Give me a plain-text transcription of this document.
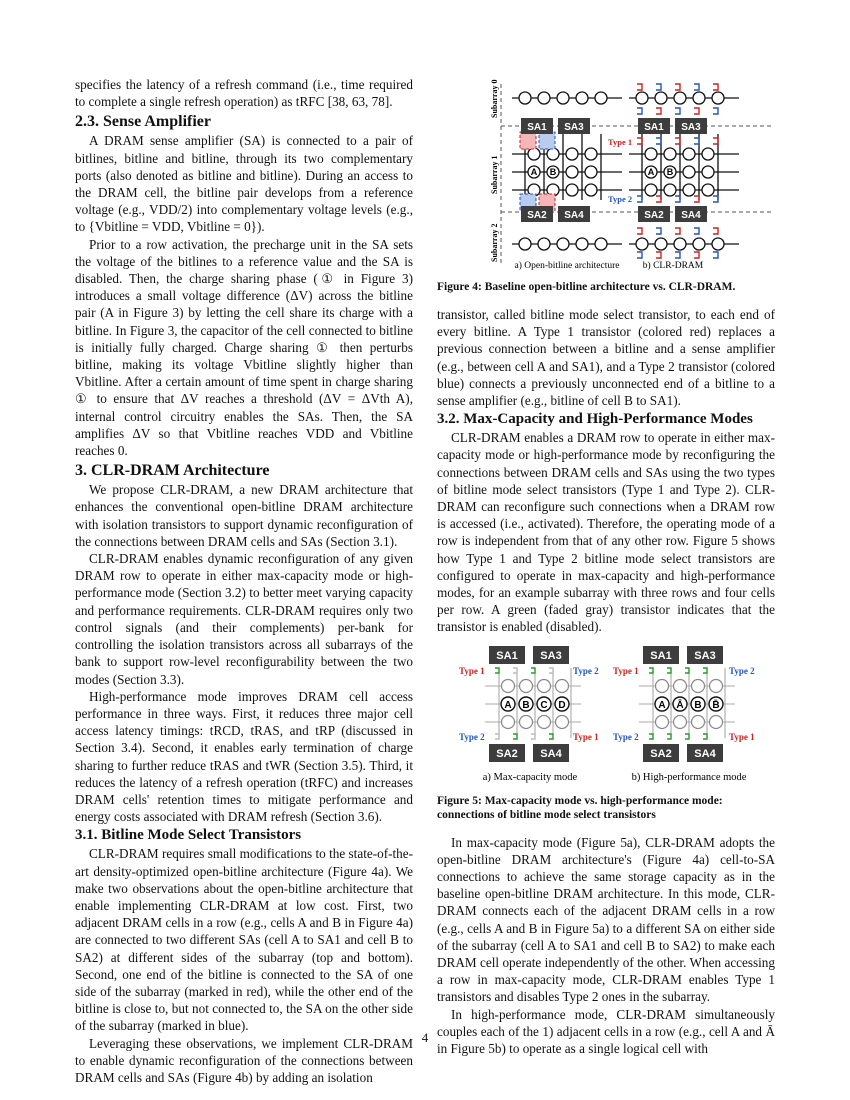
specifies the latency of a refresh command (i.e., time required to complete a single refresh operation) as tRFC [38, 63, 78].

2.3. Sense Amplifier

A DRAM sense amplifier (SA) is connected to a pair of bitlines, bitline and bitline, through its two complementary ports (also denoted as bitline and bitline). During an access to the DRAM cell, the bitline pair develops from a reference voltage (e.g., VDD/2) into complementary voltage levels (e.g., to {Vbitline = VDD, Vbitline = 0}).

Prior to a row activation, the precharge unit in the SA sets the voltage of the bitlines to a reference value and the SA is disabled. Then, the charge sharing phase (① in Figure 3) introduces a small voltage difference (ΔV) across the bitline pair (A in Figure 3) by letting the cell share its charge with a bitline. In Figure 3, the capacitor of the cell connected to bitline is initially fully charged. Charge sharing ① then perturbs bitline, making its voltage Vbitline slightly higher than Vbitline. After a certain amount of time spent in charge sharing ① to ensure that ΔV reaches a threshold (ΔV = ΔVth A), internal control circuitry enables the SAs. Then, the SA amplifies ΔV so that Vbitline reaches VDD and Vbitline reaches 0.

3. CLR-DRAM Architecture

We propose CLR-DRAM, a new DRAM architecture that enhances the conventional open-bitline DRAM architecture with isolation transistors to support dynamic reconfiguration of the connections between DRAM cells and SAs (Section 3.1).

CLR-DRAM enables dynamic reconfiguration of any given DRAM row to operate in either max-capacity mode or high-performance mode (Section 3.2) to better meet varying capacity and performance requirements. CLR-DRAM requires only two control signals (and their complements) per-bank for controlling the isolation transistors across all subarrays of the bank to support row-level reconfigurability between the two modes (Section 3.3).

High-performance mode improves DRAM cell access performance in three ways. First, it reduces three major cell access latency timings: tRCD, tRAS, and tRP (discussed in Section 3.4). Second, it enables early termination of charge sharing to further reduce tRAS and tWR (Section 3.5). Third, it reduces the latency of a refresh operation (tRFC) and increases DRAM cells' retention times to mitigate performance and energy costs associated with DRAM refresh (Section 3.6).

3.1. Bitline Mode Select Transistors

CLR-DRAM requires small modifications to the state-of-the-art density-optimized open-bitline architecture (Figure 4a). We make two observations about the open-bitline architecture that enable implementing CLR-DRAM at low cost. First, two adjacent DRAM cells in a row (e.g., cells A and B in Figure 4a) are connected to two different SAs (cell A to SA1 and cell B to SA2) at different sides of the subarray (top and bottom). Second, one end of the bitline is connected to the SA of one side of the subarray (marked in red), while the other end of the bitline is close to, but not connected to, the SA on the other side of the subarray (marked in blue).

Leveraging these observations, we implement CLR-DRAM to enable dynamic reconfiguration of the connections between DRAM cells and SAs (Figure 4b) by adding an isolation

Subarray 0
Subarray 1
Subarray 2
SA1 SA3
SA2 SA4
A B
a) Open-bitline architecture
SA1 SA3
SA2 SA4
A B
Type 1
Type 2
b) CLR-DRAM

Figure 4: Baseline open-bitline architecture vs. CLR-DRAM.

transistor, called bitline mode select transistor, to each end of every bitline. A Type 1 transistor (colored red) replaces a previous connection between a bitline and a sense amplifier (e.g., between cell A and SA1), and a Type 2 transistor (colored blue) connects a previously unconnected end of a bitline to a sense amplifier (e.g., bitline of cell B to SA1).

3.2. Max-Capacity and High-Performance Modes

CLR-DRAM enables a DRAM row to operate in either max-capacity mode or high-performance mode by reconfiguring the connections between DRAM cells and SAs using the two types of bitline mode select transistors (Type 1 and Type 2). CLR-DRAM can reconfigure such connections when a DRAM row is accessed (i.e., activated). Therefore, the operating mode of a row is independent from that of any other row. Figure 5 shows how Type 1 and Type 2 bitline mode select transistors are configured to operate in max-capacity and high-performance modes, for an example subarray with three rows and four cells per row. A green (faded gray) transistor indicates that the transistor is enabled (disabled).

SA1 SA3
A B C D
Type 1	Type 2
Type 2	Type 1
SA2 SA4
a) Max-capacity mode
SA1 SA3
A Ā B B̄
Type 1	Type 2
Type 2	Type 1
SA2 SA4
b) High-performance mode

Figure 5: Max-capacity mode vs. high-performance mode: connections of bitline mode select transistors

In max-capacity mode (Figure 5a), CLR-DRAM adopts the open-bitline DRAM architecture's (Figure 4a) cell-to-SA connections to achieve the same storage capacity as in the baseline open-bitline DRAM architecture. In this mode, CLR-DRAM connects each of the adjacent DRAM cells in a row (e.g., cells A and B in Figure 5a) to a different SA on either side of the subarray (cell A to SA1 and cell B to SA2) to make each DRAM cell operate independently of the other. When accessing a row in max-capacity mode, CLR-DRAM enables Type 1 transistors and disables Type 2 ones in the subarray.

In high-performance mode, CLR-DRAM simultaneously couples each of the 1) adjacent cells in a row (e.g., cell A and Ā in Figure 5b) to operate as a single logical cell with

4
